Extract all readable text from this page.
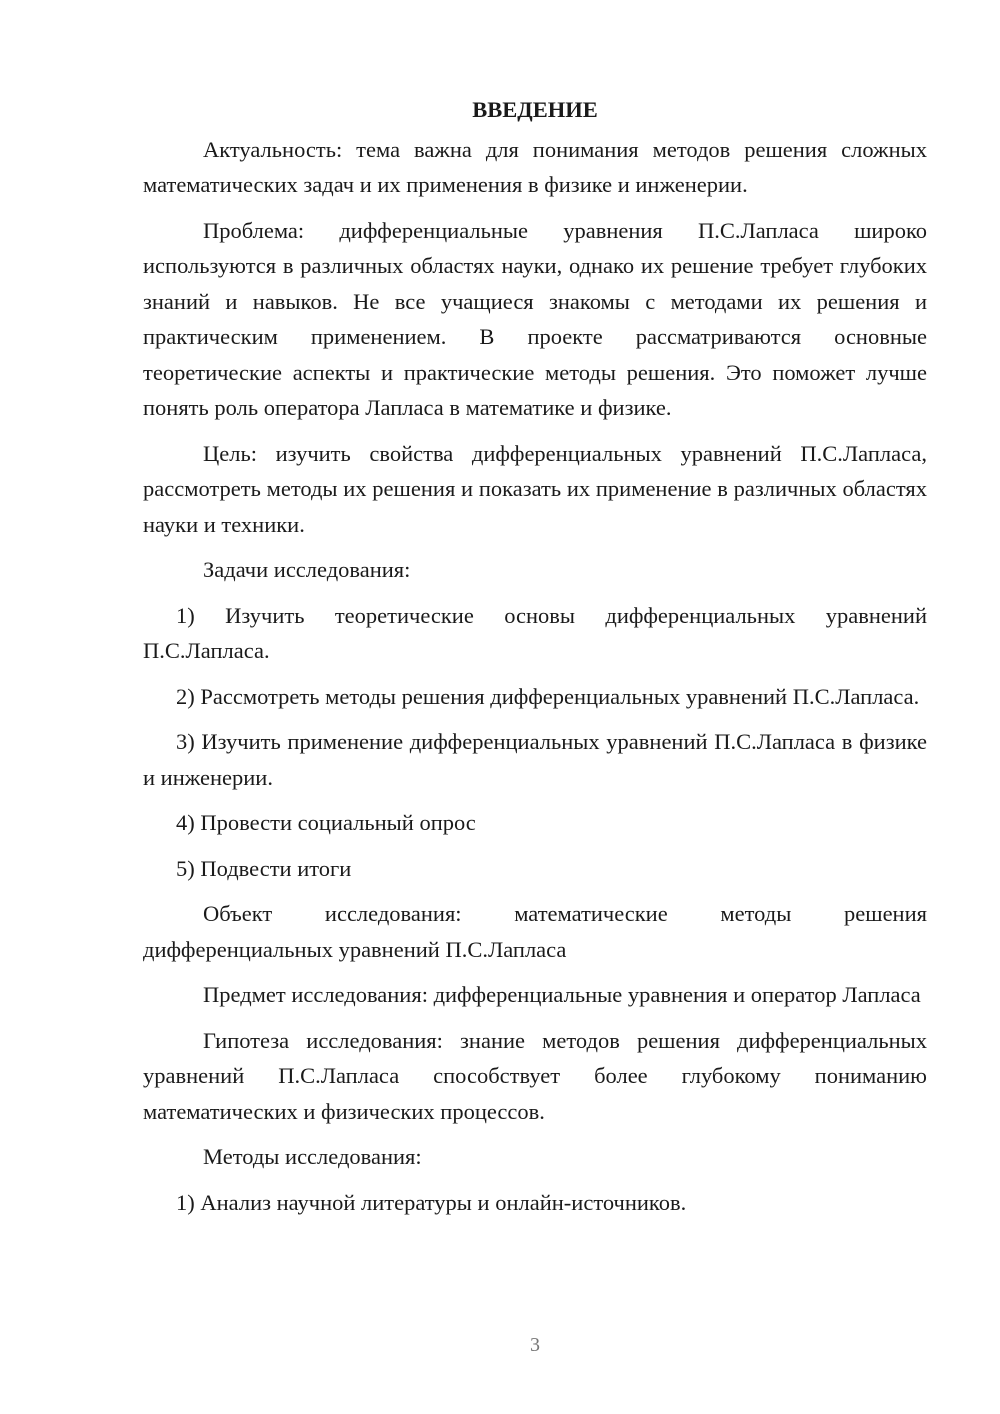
ВВЕДЕНИЕ

Актуальность: тема важна для понимания методов решения сложных математических задач и их применения в физике и инженерии.

Проблема: дифференциальные уравнения П.С.Лапласа широко используются в различных областях науки, однако их решение требует глубоких знаний и навыков. Не все учащиеся знакомы с методами их решения и практическим применением. В проекте рассматриваются основные теоретические аспекты и практические методы решения. Это поможет лучше понять роль оператора Лапласа в математике и физике.

Цель: изучить свойства дифференциальных уравнений П.С.Лапласа, рассмотреть методы их решения и показать их применение в различных областях науки и техники.

Задачи исследования:

1) Изучить теоретические основы дифференциальных уравнений П.С.Лапласа.

2) Рассмотреть методы решения дифференциальных уравнений П.С.Лапласа.

3) Изучить применение дифференциальных уравнений П.С.Лапласа в физике и инженерии.

4) Провести социальный опрос

5) Подвести итоги

Объект исследования: математические методы решения дифференциальных уравнений П.С.Лапласа

Предмет исследования: дифференциальные уравнения и оператор Лапласа

Гипотеза исследования: знание методов решения дифференциальных уравнений П.С.Лапласа способствует более глубокому пониманию математических и физических процессов.

Методы исследования:

1) Анализ научной литературы и онлайн-источников.

3
